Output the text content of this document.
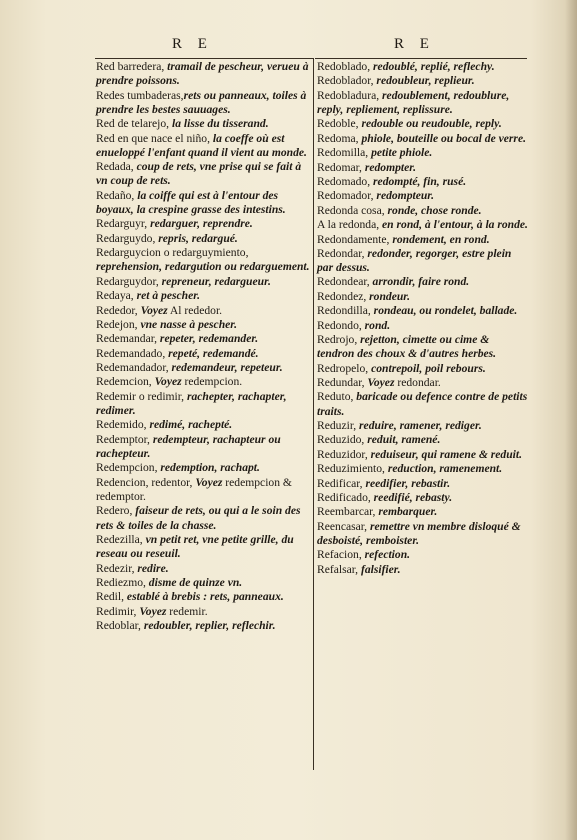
R E	R E
Red barredera, tramail de pescheur, verueu à prendre poissons.
Redes tumbaderas,rets ou panneaux, toiles à prendre les bestes sauuages.
Red de telarejo, la lisse du tisserand.
Red en que nace el niño, la coeffe où est enueloppé l'enfant quand il vient au monde.
Redada, coup de rets, vne prise qui se fait à vn coup de rets.
Redaño, la coiffe qui est à l'entour des boyaux, la crespine grasse des intestins.
Redarguyr, redarguer, reprendre.
Redarguydo, repris, redargué.
Redarguycion o redarguymiento, reprehension, redargution ou redarguement.
Redarguydor, repreneur, redargueur.
Redaya, ret à pescher.
Rededor, Voyez Al rededor.
Redejon, vne nasse à pescher.
Redemandar, repeter, redemander.
Redemandado, repeté, redemandé.
Redemandador, redemandeur, repeteur.
Redemcion, Voyez redempcion.
Redemir o redimir, rachepter, rachapter, redimer.
Redemido, redimé, rachepté.
Redemptor, redempteur, rachapteur ou rachepteur.
Redempcion, redemption, rachapt.
Redencion, redentor, Voyez redempcion & redemptor.
Redero, faiseur de rets, ou qui a le soin des rets & toiles de la chasse.
Redezilla, vn petit ret, vne petite grille, du reseau ou reseuil.
Redezir, redire.
Rediezmo, disme de quinze vn.
Redil, establé à brebis : rets, panneaux.
Redimir, Voyez redemir.
Redoblar, redoubler, replier, reflechir.
Redoblado, redoublé, replié, reflechy.
Redoblador, redoubleur, replieur.
Redobladura, redoublement, redoublure, reply, repliement, replissure.
Redoble, redouble ou reudouble, reply.
Redoma, phiole, bouteille ou bocal de verre.
Redomilla, petite phiole.
Redomar, redompter.
Redomado, redompté, fin, rusé.
Redomador, redompteur.
Redonda cosa, ronde, chose ronde.
A la redonda, en rond, à l'entour, à la ronde.
Redondamente, rondement, en rond.
Redondar, redonder, regorger, estre plein par dessus.
Redondear, arrondir, faire rond.
Redondez, rondeur.
Redondilla, rondeau, ou rondelet, ballade.
Redondo, rond.
Redrojo, rejetton, cimette ou cime & tendron des choux & d'autres herbes.
Redropelo, contrepoil, poil rebours.
Redundar, Voyez redondar.
Reduto, baricade ou defence contre de petits traits.
Reduzir, reduire, ramener, rediger.
Reduzido, reduit, ramené.
Reduzidor, reduiseur, qui ramene & reduit.
Reduzimiento, reduction, ramenement.
Redificar, reedifier, rebastir.
Redificado, reedifié, rebasty.
Reembarcar, rembarquer.
Reencasar, remettre vn membre disloqué & desboisté, remboister.
Refacion, refection.
Refalsar, falsifier.
